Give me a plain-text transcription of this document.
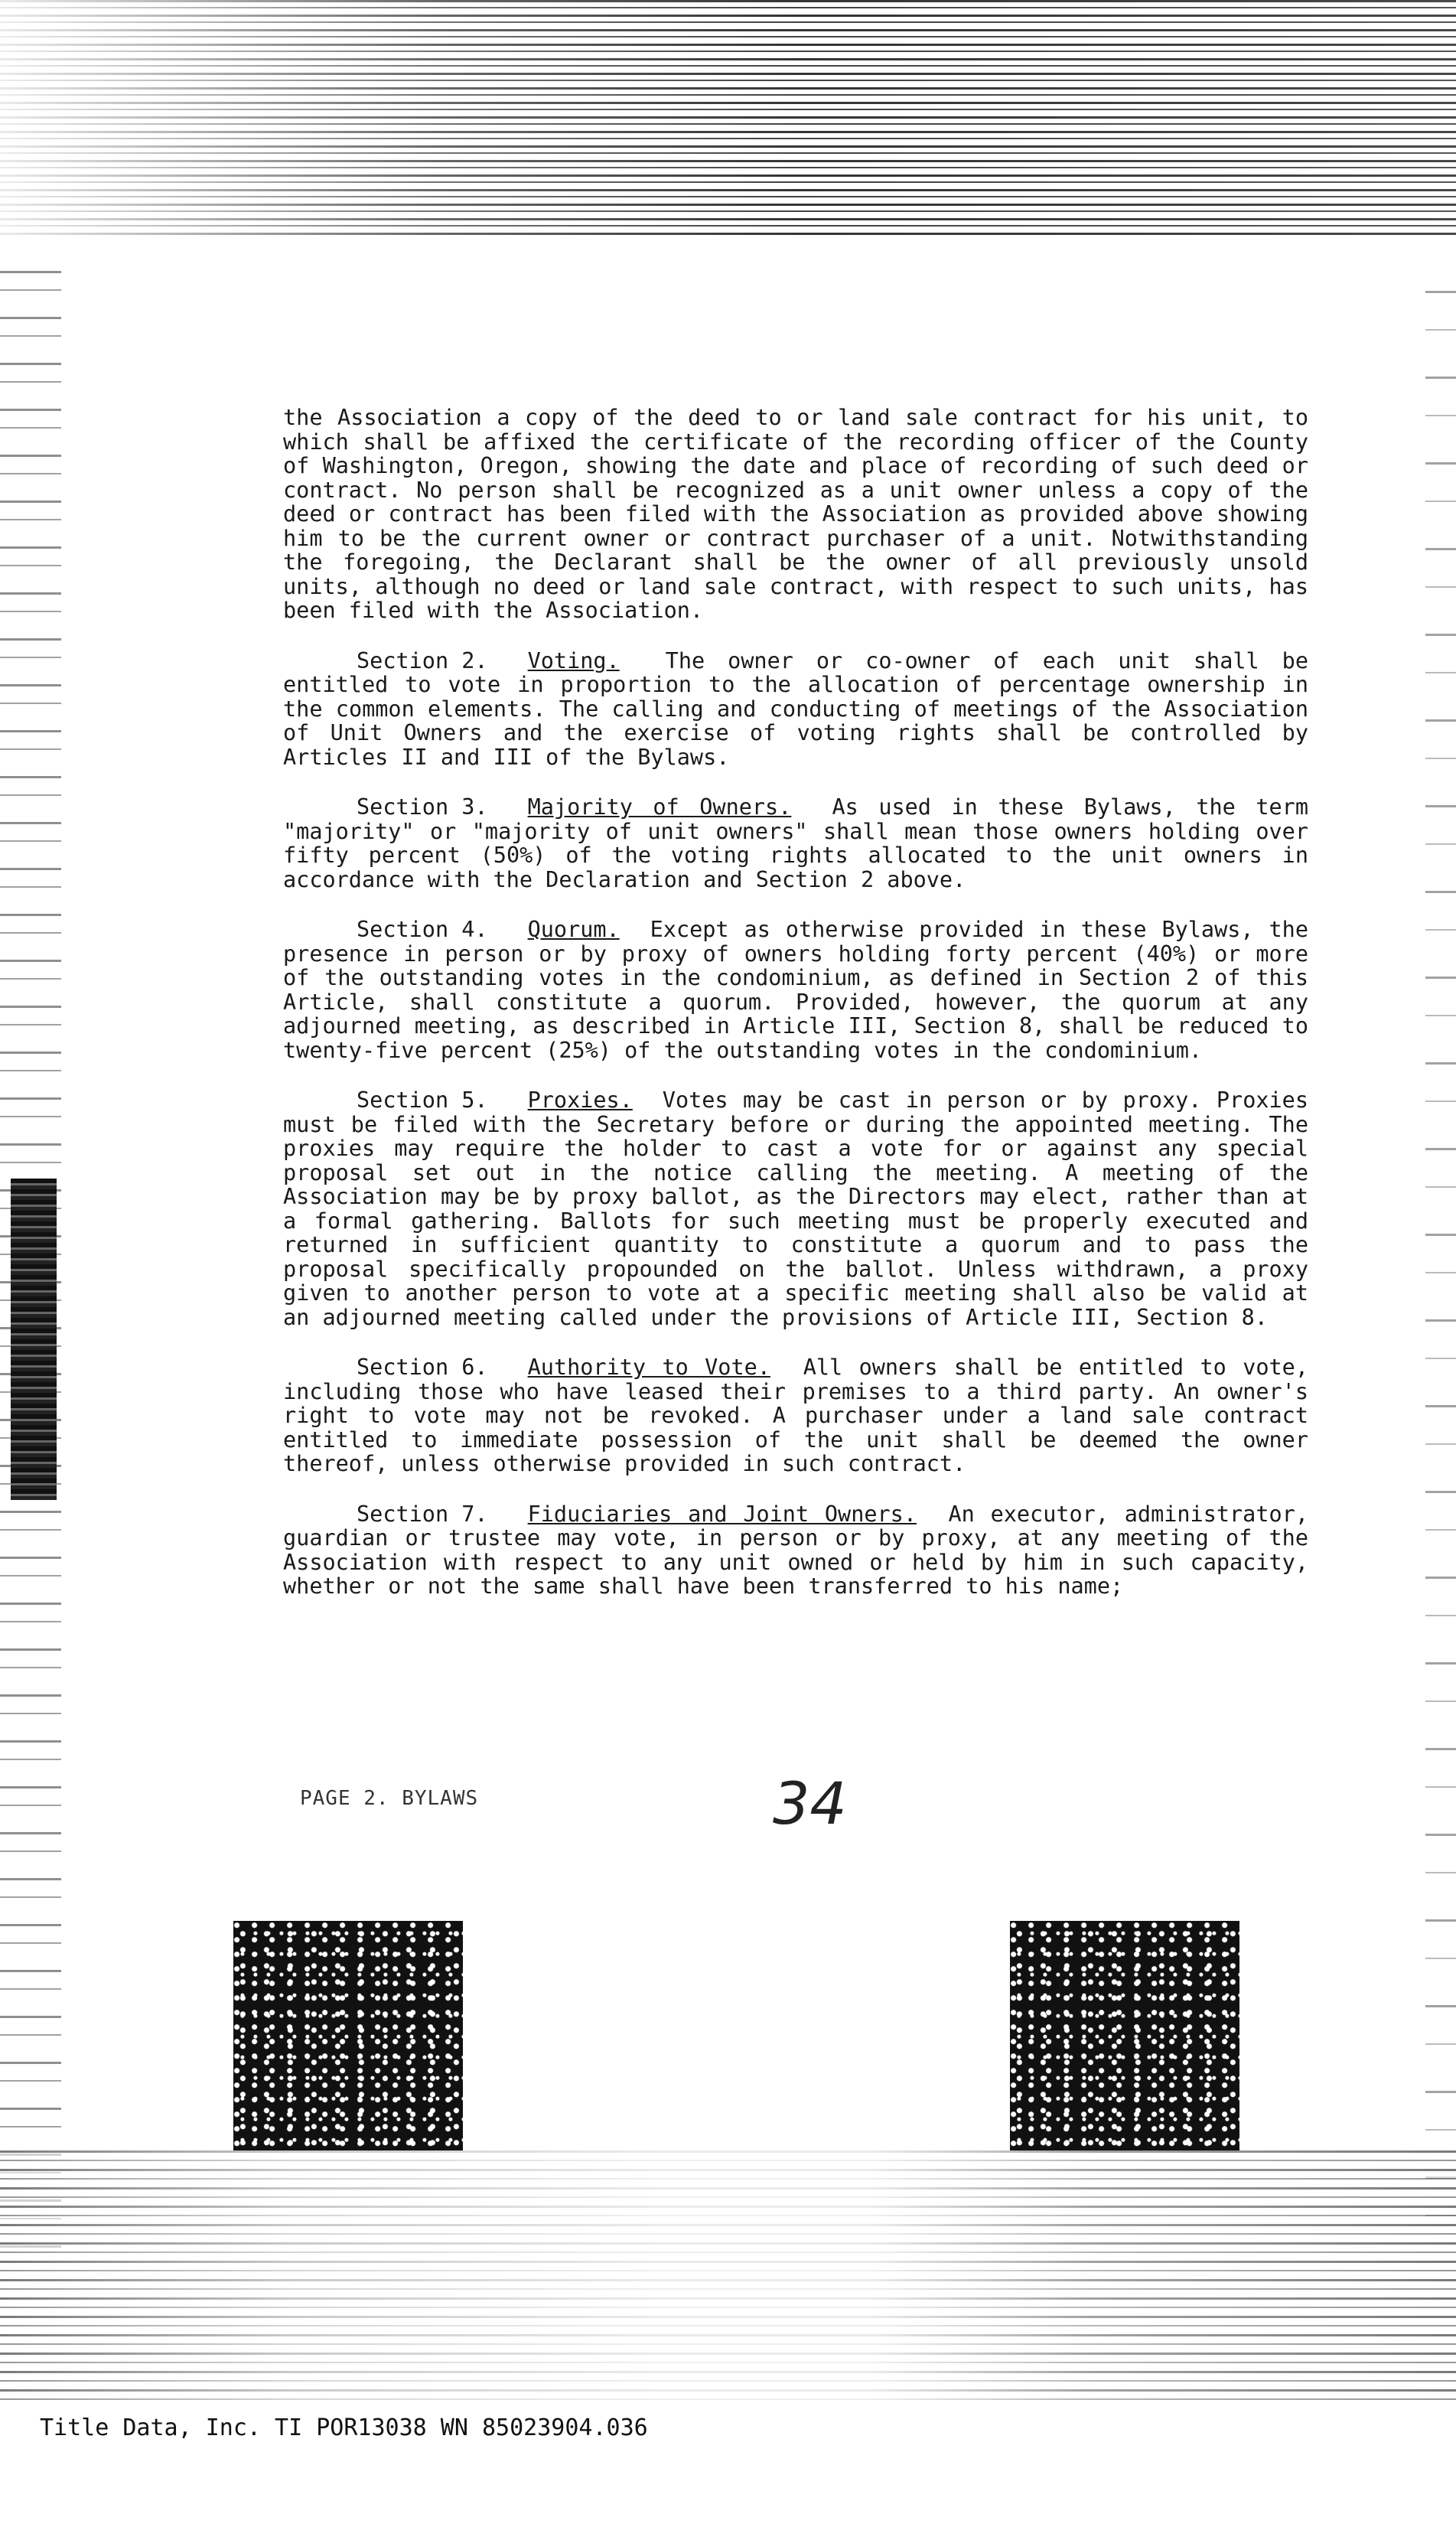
the Association a copy of the deed to or land sale contract for his unit, to which shall be affixed the certificate of the recording officer of the County of Washington, Oregon, showing the date and place of recording of such deed or contract. No person shall be recognized as a unit owner unless a copy of the deed or contract has been filed with the Association as provided above showing him to be the current owner or contract purchaser of a unit. Notwithstanding the foregoing, the Declarant shall be the owner of all previously unsold units, although no deed or land sale contract, with respect to such units, has been filed with the Association.

Section 2. Voting. The owner or co-owner of each unit shall be entitled to vote in proportion to the allocation of percentage ownership in the common elements. The calling and conducting of meetings of the Association of Unit Owners and the exercise of voting rights shall be controlled by Articles II and III of the Bylaws.

Section 3. Majority of Owners. As used in these Bylaws, the term "majority" or "majority of unit owners" shall mean those owners holding over fifty percent (50%) of the voting rights allocated to the unit owners in accordance with the Declaration and Section 2 above.

Section 4. Quorum. Except as otherwise provided in these Bylaws, the presence in person or by proxy of owners holding forty percent (40%) or more of the outstanding votes in the condominium, as defined in Section 2 of this Article, shall constitute a quorum. Provided, however, the quorum at any adjourned meeting, as described in Article III, Section 8, shall be reduced to twenty-five percent (25%) of the outstanding votes in the condominium.

Section 5. Proxies. Votes may be cast in person or by proxy. Proxies must be filed with the Secretary before or during the appointed meeting. The proxies may require the holder to cast a vote for or against any special proposal set out in the notice calling the meeting. A meeting of the Association may be by proxy ballot, as the Directors may elect, rather than at a formal gathering. Ballots for such meeting must be properly executed and returned in sufficient quantity to constitute a quorum and to pass the proposal specifically propounded on the ballot. Unless withdrawn, a proxy given to another person to vote at a specific meeting shall also be valid at an adjourned meeting called under the provisions of Article III, Section 8.

Section 6. Authority to Vote. All owners shall be entitled to vote, including those who have leased their premises to a third party. An owner's right to vote may not be revoked. A purchaser under a land sale contract entitled to immediate possession of the unit shall be deemed the owner thereof, unless otherwise provided in such contract.

Section 7. Fiduciaries and Joint Owners. An executor, administrator, guardian or trustee may vote, in person or by proxy, at any meeting of the Association with respect to any unit owned or held by him in such capacity, whether or not the same shall have been transferred to his name;

PAGE 2. BYLAWS	34
Title Data, Inc. TI POR13038 WN 85023904.036
